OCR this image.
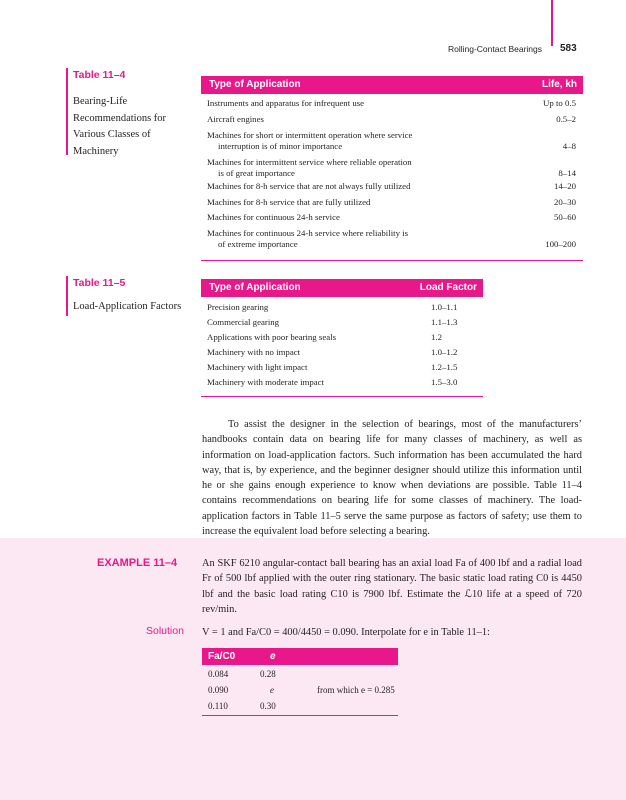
Rolling-Contact Bearings 583
Table 11–4
Bearing-Life Recommendations for Various Classes of Machinery
Type of Application	Life, kh
Instruments and apparatus for infrequent use	Up to 0.5
Aircraft engines	0.5–2
Machines for short or intermittent operation where service
interruption is of minor importance	4–8
Machines for intermittent service where reliable operation
is of great importance	8–14
Machines for 8-h service that are not always fully utilized	14–20
Machines for 8-h service that are fully utilized	20–30
Machines for continuous 24-h service	50–60
Machines for continuous 24-h service where reliability is
of extreme importance	100–200
Table 11–5
Load-Application Factors
Type of Application	Load Factor
Precision gearing	1.0–1.1
Commercial gearing	1.1–1.3
Applications with poor bearing seals	1.2
Machinery with no impact	1.0–1.2
Machinery with light impact	1.2–1.5
Machinery with moderate impact	1.5–3.0
To assist the designer in the selection of bearings, most of the manufacturers’ handbooks contain data on bearing life for many classes of machinery, as well as information on load-application factors. Such information has been accumulated the hard way, that is, by experience, and the beginner designer should utilize this information until he or she gains enough experience to know when deviations are possible. Table 11–4 contains recommendations on bearing life for some classes of machinery. The load-application factors in Table 11–5 serve the same purpose as factors of safety; use them to increase the equivalent load before selecting a bearing.
EXAMPLE 11–4 An SKF 6210 angular-contact ball bearing has an axial load Fa of 400 lbf and a radial load Fr of 500 lbf applied with the outer ring stationary. The basic static load rating C0 is 4450 lbf and the basic load rating C10 is 7900 lbf. Estimate the ℒ10 life at a speed of 720 rev/min.
Solution V = 1 and Fa/C0 = 400/4450 = 0.090. Interpolate for e in Table 11–1:
Fa/C0	e
0.084	0.28
0.090	e	from which e = 0.285
0.110	0.30
